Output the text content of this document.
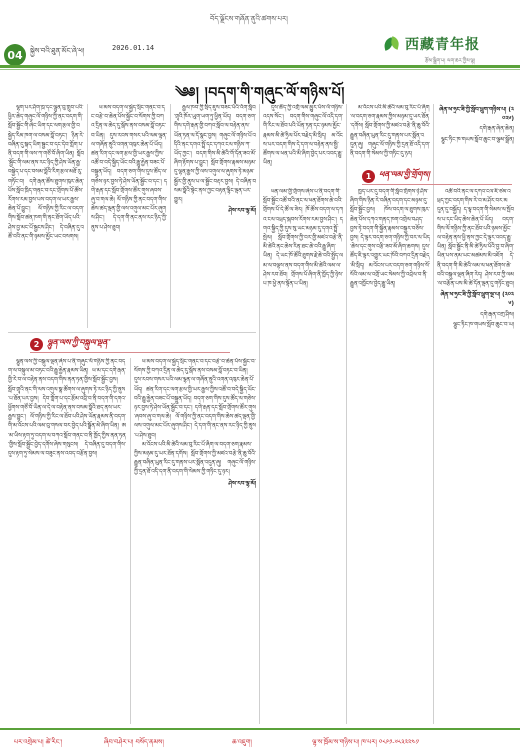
04	སྐྱེས་བའི་ཐུན་མོང་ཞེ་ཕ།	2026.01.14
བོད་ལྗོངས་གཞོན་ནུའི་ཚགས་པར།
西藏青年报
རྩོམ་སྒྲིག་པ། ལག་ཆར་ཀྱིས་ལྟ།
༄༅། །བདག་གི་གཞུང་ལོ་གཉིས་པོ།

ལྷག་པར་ཤོག་ཁྲ་དང་ལྷུན་བུ་གྲུབ་པའི་ཕྱིར་ཆེད་གཞུང་ལོ་གཉིས་ཀྱི་ནང་བདག་གི་སློབ་སྦྱོང་གི་ཞེང་ཡིག་དང་ལག་རྩལ་གྱི་བསྐྱེད་རིམ་ཁག་ལ་བསམ་བློ་བཏང་། ཉིན་རེ་བཞིན་དུ་སྐད་ཡིག་སྦྱང་བ་དང་དེབ་ཀློག་པ་ནི་བདག་གི་ལས་ཀ་གཙོ་བོ་ཞིག་ཡིན། སློབ་སྦྱོང་གི་ལམ་ནས་རང་ཉིད་ཀྱི་ཤེས་ཡོན་རྒྱ་བསྐྱེད་པ་དང་བསམ་བློའི་རིག་རྩལ་མཐོ་རུ་གཏོང་བ། དགེ་རྒན་ཚོས་ཐུགས་ཁུར་ཆེན་པོས་སློབ་ཁྲིད་གནང་བ་དང་གྲོགས་པོ་ཚོས་རོགས་རམ་བྱས་པས་བདག་ལ་ཡར་རྒྱས་ཆེན་པོ་བྱུང་། ལོ་གཉིས་ཀྱི་རིང་ལ་བདག་གིས་སློབ་ཚན་ཁག་གི་ནང་ཐོག་ཡོད་པའི་ཤེས་བྱ་མང་པོ་སྦྱངས་ཤིང་། དེ་བཞིན་དུ་འཚོ་བའི་ནང་གི་ཉམས་མྱོང་ཡང་བསགས།

ཕ་མས་བདག་ལ་སྐྱེད་སྲིང་གནང་བ་དང་བརྩེ་བ་ཆེན་པོས་སྐྱོང་བ་སོགས་ཀྱི་བཀའ་དྲིན་ལ་ཆེད་དུ་སྒོས་ནས་བསམ་བློ་བཏང་བ་ཡིན། དུས་རབས་གསར་པའི་ལམ་ལྷན་ལ་གཞོན་ནུའི་འགན་འཁུར་ཆེན་པོ་ཡོད། ཚན་རིག་དང་ལག་རྩལ་གྱི་ཡར་རྒྱས་ཀྱིས་འཚོ་བ་བདེ་སྐྱིད་ཡོང་བའི་རྒྱུ་རྐྱེན་བཟང་པོ་བསྐྲུན་ཡོད། བདག་ཅག་གིས་དུས་ཚོད་ལ་གཅེས་ཉར་བྱས་ཏེ་ཤེས་ཡོན་སྦྱོང་བ་དང་། དགེ་རྒན་དང་སློབ་གྲོགས་ཚོར་གུས་ཞབས་ཞུ་བ་གལ་ཆེ། ལོ་གཉིས་ཀྱི་ནང་བདག་གིས་ཆེས་ཚད་ལྡན་གྱི་ལས་འགུལ་མང་པོར་ཞུགས་ཤིང་། དེ་དག་གི་ནང་ནས་རང་ཉིད་ཀྱི་ནུས་པ་ཤེས་ཐུབ།

རྒྱལ་ཁབ་ཀྱི་སྲིད་ཇུས་བཟང་པོའི་འོག་སློབ་གྲྭའི་ཁོར་ཡུག་ཡག་ཏུ་ཕྱིན་ཡོད། བདག་ཅག་གིས་དགེ་རྒན་གྱི་བཀའ་སློབ་ལ་བརྟེན་ནས་ཡོན་ཏན་ལ་དོ་སྣང་བྱས། གཞུང་ལོ་གཉིས་པོ་འདིའི་ནང་དགའ་སྤྲོ་དང་དཀའ་ངལ་གཉིས་ཀ་ཡོད་ཀྱང་། བདག་གིས་མི་ཚེའི་གོ་དོན་ཟབ་མོ་ཞིག་རྟོགས་པ་བྱུང་། སློབ་གྲོགས་རྣམས་མཉམ་དུ་ལྷན་རྒྱས་ཀྱི་ལས་འགུལ་ལ་ཞུགས་ཏེ་མཉམ་སྦྱོར་གྱི་ནུས་པ་ལ་སྦྱོང་བརྡར་བྱས། དེ་བཞིན་བསམ་བློའི་སྟེང་ནས་ཀྱང་བརྟན་ལྷིང་ལྡན་པར་གྱུར།

ཤེས་རབ་ལྷ་མོ།

དུས་ཚོད་ཀྱི་འགྲོ་ལམ་མྱུར་པོས་ལོ་གཉིས་འདས་སོང་། བདག་གིས་གཞུང་ལོ་འདི་དག་གི་རིང་ལ་ཐོབ་པའི་ཡོན་ཏན་དང་ཉམས་མྱོང་རྣམས་མི་ཚེ་ཧྲིལ་པོར་བརྗེད་མི་སྲིད། མ་འོངས་པར་བདག་གིས་དེ་དག་ལ་བརྟེན་ནས་སྤྱི་ཚོགས་ལ་ཕན་པའི་མི་ཞིག་བྱེད་པར་འབད་རྒྱུ་ཡིན།

མ་འོངས་པའི་མི་ཚེའི་ལམ་བུ་རིང་པོ་ཞིག་ལ་བདག་ཅག་རྣམས་ཀྱིས་མཉམ་དུ་ཡར་ཐོན་དགོས། སློབ་གྲོགས་ཀྱི་མཛའ་བརྩེ་ནི་ཆུ་བོའི་རྒྱུན་བཞིན་ཡུན་རིང་དུ་གནས་པར་སྨོན་འདུན་ཞུ། གཞུང་ལོ་གཉིས་ཀྱི་དྲན་ཐོ་འདི་དག་ནི་བདག་གི་སེམས་ཀྱི་གཏིང་དུ་ཉར།

ཞེན་ཕ་ཧྲང་ཟི་ཀྱི་སློབ་ཕྲུག་གཉིས་པ། (༢༠༢༦)
དགེ་རྒན་ཞེན་ཆེན།
ལྷུང་ཏིང་ཁ་གཡས་སློབ་ཆུང་བ་ལྕམ་སྒྲོན།
1 ཕན་ལམ་གྱི་གྲོགས།

ཕན་ལམ་གྱི་གྲོགས་ཞེས་པ་ནི་བདག་གི་སློབ་སྦྱོང་འཚོ་བའི་ནང་ལ་ཕན་ཐོགས་ཆེ་བའི་གྲོགས་པོ་དེ་ཚོ་ལ་ཟེར། ཁོ་ཚོས་བདག་ལ་དཀའ་ངལ་འཕྲད་སྐབས་རོགས་རམ་བྱས་ཤིང་། དགའ་སྐྱིད་ཀྱི་དུས་སུ་ཡང་མཉམ་དུ་དགའ་སྤྲོ་སྤེལ། སློབ་གྲོགས་ཀྱི་བར་གྱི་མཛའ་བརྩེ་ནི་མི་ཚེའི་ནང་ཆེས་རིན་ཐང་ཆེ་བའི་རྒྱུ་ཞིག་ཡིན། དེ་ཡང་ཁོ་ཚོའི་ཐུགས་རྗེ་ཆེ་བའི་སྤྱོད་ལམ་ལ་བལྟས་ནས་བདག་གིས་མི་ཚེའི་ལམ་ལ་ཤེས་རབ་ཐོབ། གྲོགས་པོ་ཞིག་ནི་ཁྱོད་ཀྱི་ཉེས་པ་ཁ་ཕྱེ་ནས་སྟོན་པ་ཡིན།

ཁྱད་པར་དུ་བདག་གི་སློབ་གྲོགས་ཉེ་ཤོས་ཞིག་གིས་ཉིན་རེ་བཞིན་བདག་དང་མཉམ་དུ་སློབ་སྦྱོང་བྱས། ཁོས་བདག་ལ་ཐུགས་ཁུར་ཆེན་པོས་དཀའ་གནད་ཁག་འགྲེལ་བཤད་བྱས་ཏེ་བདག་གི་སྐྱོན་རྣམས་བསྐྱར་བཅོས་བྱས། དེ་ལྟར་བདག་ཅག་གཉིས་ཀྱི་བར་ལ་ཡིད་ཆེས་དང་གུས་བརྩི་ཟབ་མོ་ཞིག་ཆགས། དུས་ཚོད་ཇི་ལྟར་འགྱུར་ཡང་ཁོའི་བཀའ་དྲིན་བརྗེད་མི་སྲིད། མ་འོངས་པར་བདག་ཅག་གཉིས་སོ་སོའི་ལམ་ལ་འགྲོ་ཡང་སེམས་ཀྱི་འབྲེལ་བ་ནི་རྒྱུན་འཁྱོངས་བྱེད་རྒྱུ་ཡིན།

འཚོ་བའི་ནང་ལ་དཀའ་ངལ་ཇི་ཙམ་འཕྲད་ཀྱང་བདག་གིས་རེ་བ་མ་ཤོར་བར་མདུན་དུ་བསྐྱོད། ད་ལྟ་བདག་གི་སེམས་ལ་སྤོབས་པ་དང་ཡིད་ཆེས་ཆེན་པོ་ཡོད། བདག་གིས་ལོ་གཉིས་ཀྱི་ནང་ཐོབ་པའི་ཉམས་མྱོང་ལ་བརྟེན་ནས་ཕྱི་ནས་ཀྱང་དེ་ལྟར་འབད་རྒྱུ་ཡིན། སློབ་སྦྱོང་ནི་མི་ཚེ་ཧྲིལ་པོའི་བྱ་བ་ཞིག་ཡིན་པས་ནམ་ཡང་མཚམས་མི་འཇོག དེ་ནི་བདག་གི་མི་ཚེའི་ལམ་ལ་ཕན་ཐོགས་ཆེ་བའི་བསྐུལ་ལྡན་ཞིག་རེད། ཤེས་རབ་ཀྱི་ལམ་ལ་བརྩོན་པས་མི་ཚེ་དོན་ལྡན་དུ་གཏོང་ཐུབ།

ཞེན་ཕ་ཧྲང་ཟི་ཀྱི་སློབ་ཕྲུག་ལྔ་པ། (༢༠༢༦)
དགེ་རྒན་བཀྲ་ཤིས།
ལྷུང་ཏིང་ཁ་གཡས་སློབ་ཆུང་བ་ཡ།
2 ལྷུན་ལས་ཀྱི་བསྐུལ་ལྡན་

ལྷུན་ལས་ཀྱི་བསྐུལ་ལྡན་ཞེས་པ་ནི་གཞུང་ལོ་གཉིས་ཀྱི་ནང་བདག་ལ་བསྐུལ་མ་བཏང་བའི་རྒྱུ་རྐྱེན་རྣམས་ཡིན། ཕ་མ་དང་དགེ་རྒན་གྱི་རེ་བ་ལ་བརྟེན་ནས་བདག་གིས་ནན་ཏན་གྱིས་སློབ་སྦྱོང་བྱས། སློབ་གྲྭའི་ནང་གི་ལས་འགུལ་སྣ་ཚོགས་ལ་ཞུགས་ཏེ་རང་ཉིད་ཀྱི་ནུས་པ་ཐོན་པར་བྱས། དེབ་ཀློག་པ་དང་རྩོམ་འབྲི་བ་ནི་བདག་གི་དགའ་ཕྱོགས་གཙོ་བོ་ཡིན་ལ་དེ་ལ་བརྟེན་ནས་བསམ་བློའི་ཐད་ནས་ཡར་རྒྱས་བྱུང་། ལོ་གཉིས་ཀྱི་རིང་ལ་ཐོབ་པའི་ཤེས་ཡོན་རྣམས་ནི་བདག་གི་མ་འོངས་པའི་ལམ་བུ་གསལ་བར་བྱེད་པའི་སྒྲོན་མེ་ཞིག་ཡིན། ཨ་མ་ཡིས་རྟག་ཏུ་བདག་ལ་བཀའ་སློབ་གནང་བ་ནི་ཁྱོད་ཀྱིས་ནན་ཏན་གྱིས་སློབ་སྦྱོང་བྱེད་དགོས་ཞེས་གསུངས། དེ་བཞིན་དུ་བདག་གིས་དུས་རྟག་ཏུ་སེམས་ལ་བཟུང་ནས་འབད་བརྩོན་བྱས།

ཕ་མས་བདག་ལ་སྐྱེད་སྲིང་གནང་བ་དང་བརྩེ་བ་ཆེན་པོས་སྐྱོང་བ་སོགས་ཀྱི་བཀའ་དྲིན་ལ་ཆེད་དུ་སྒོས་ནས་བསམ་བློ་བཏང་བ་ཡིན། དུས་རབས་གསར་པའི་ལམ་ལྷན་ལ་གཞོན་ནུའི་འགན་འཁུར་ཆེན་པོ་ཡོད། ཚན་རིག་དང་ལག་རྩལ་གྱི་ཡར་རྒྱས་ཀྱིས་འཚོ་བ་བདེ་སྐྱིད་ཡོང་བའི་རྒྱུ་རྐྱེན་བཟང་པོ་བསྐྲུན་ཡོད། བདག་ཅག་གིས་དུས་ཚོད་ལ་གཅེས་ཉར་བྱས་ཏེ་ཤེས་ཡོན་སྦྱོང་བ་དང་། དགེ་རྒན་དང་སློབ་གྲོགས་ཚོར་གུས་ཞབས་ཞུ་བ་གལ་ཆེ། ལོ་གཉིས་ཀྱི་ནང་བདག་གིས་ཆེས་ཚད་ལྡན་གྱི་ལས་འགུལ་མང་པོར་ཞུགས་ཤིང་། དེ་དག་གི་ནང་ནས་རང་ཉིད་ཀྱི་ནུས་པ་ཤེས་ཐུབ།

མ་འོངས་པའི་མི་ཚེའི་ལམ་བུ་རིང་པོ་ཞིག་ལ་བདག་ཅག་རྣམས་ཀྱིས་མཉམ་དུ་ཡར་ཐོན་དགོས། སློབ་གྲོགས་ཀྱི་མཛའ་བརྩེ་ནི་ཆུ་བོའི་རྒྱུན་བཞིན་ཡུན་རིང་དུ་གནས་པར་སྨོན་འདུན་ཞུ། གཞུང་ལོ་གཉིས་ཀྱི་དྲན་ཐོ་འདི་དག་ནི་བདག་གི་སེམས་ཀྱི་གཏིང་དུ་ཉར།

ཤེས་རབ་ལྷ་མོ།
པར་འགྲེམ་པ། ཚེ་རིང་།	ཞིབ་བཤེར་པ། བསོད་ནམས།	ཆ་འཇུག།	ལྷ་ས་ཁྲོམ་ས་གཉིས་པ། ཁ་པར། ༠༨༩༡-༦༨༣༢༢༤༡
